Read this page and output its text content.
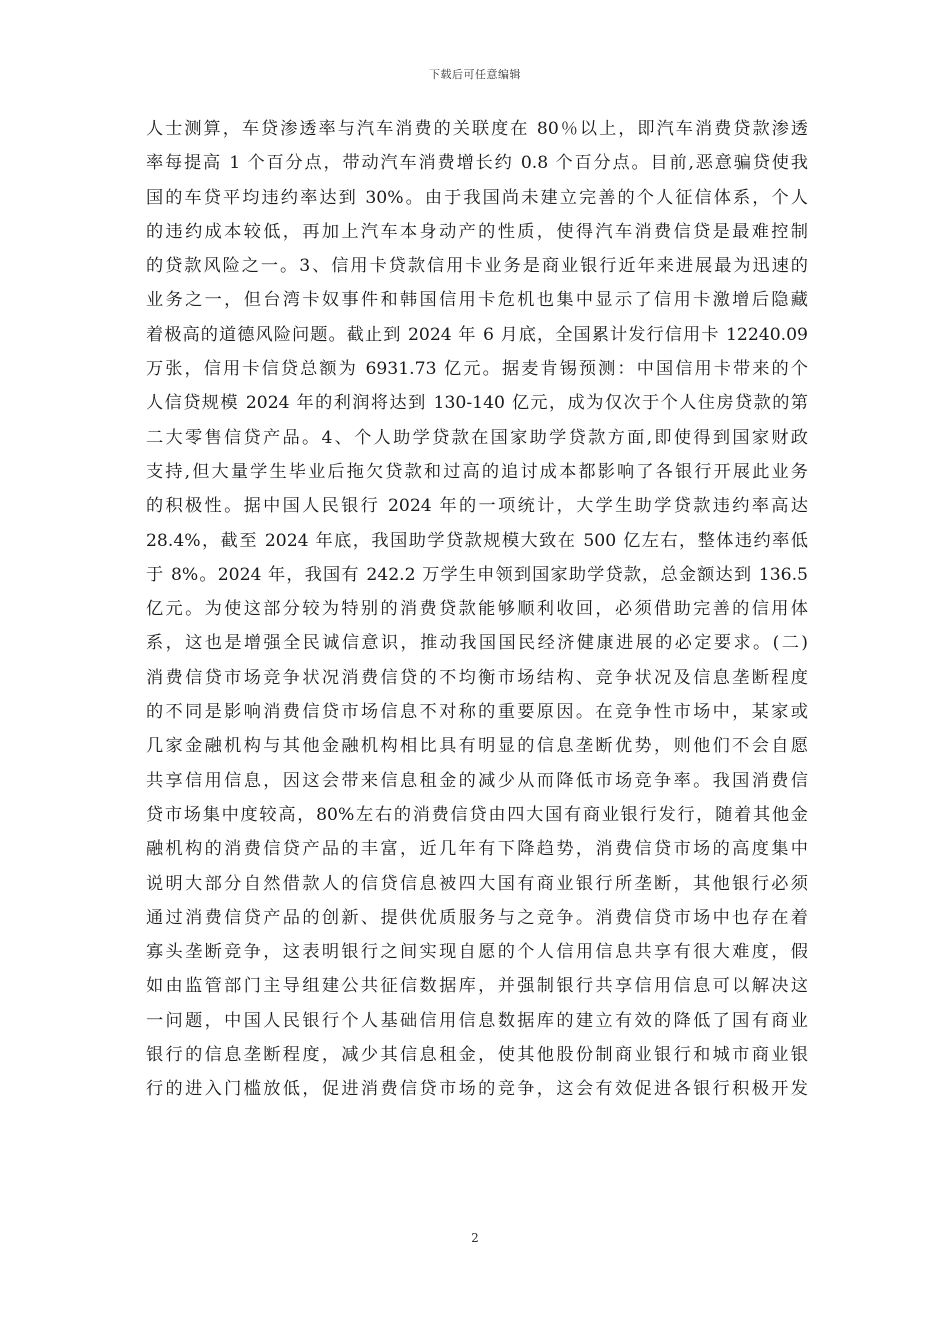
下载后可任意编辑
人士测算，车贷渗透率与汽车消费的关联度在 80％以上，即汽车消费贷款渗透
率每提高 1 个百分点，带动汽车消费增长约 0.8 个百分点。目前,恶意骗贷使我
国的车贷平均违约率达到 30%。由于我国尚未建立完善的个人征信体系，个人
的违约成本较低，再加上汽车本身动产的性质，使得汽车消费信贷是最难控制
的贷款风险之一。3、信用卡贷款信用卡业务是商业银行近年来进展最为迅速的
业务之一，但台湾卡奴事件和韩国信用卡危机也集中显示了信用卡激增后隐藏
着极高的道德风险问题。截止到 2024 年 6 月底，全国累计发行信用卡 12240.09
万张，信用卡信贷总额为 6931.73 亿元。据麦肯锡预测：中国信用卡带来的个
人信贷规模 2024 年的利润将达到 130-140 亿元，成为仅次于个人住房贷款的第
二大零售信贷产品。4、个人助学贷款在国家助学贷款方面,即使得到国家财政
支持,但大量学生毕业后拖欠贷款和过高的追讨成本都影响了各银行开展此业务
的积极性。据中国人民银行 2024 年的一项统计，大学生助学贷款违约率高达
28.4%，截至 2024 年底，我国助学贷款规模大致在 500 亿左右，整体违约率低
于 8%。2024 年，我国有 242.2 万学生申领到国家助学贷款，总金额达到 136.5
亿元。为使这部分较为特别的消费贷款能够顺利收回，必须借助完善的信用体
系，这也是增强全民诚信意识，推动我国国民经济健康进展的必定要求。(二)
消费信贷市场竞争状况消费信贷的不均衡市场结构、竞争状况及信息垄断程度
的不同是影响消费信贷市场信息不对称的重要原因。在竞争性市场中，某家或
几家金融机构与其他金融机构相比具有明显的信息垄断优势，则他们不会自愿
共享信用信息，因这会带来信息租金的减少从而降低市场竞争率。我国消费信
贷市场集中度较高，80%左右的消费信贷由四大国有商业银行发行，随着其他金
融机构的消费信贷产品的丰富，近几年有下降趋势，消费信贷市场的高度集中
说明大部分自然借款人的信贷信息被四大国有商业银行所垄断，其他银行必须
通过消费信贷产品的创新、提供优质服务与之竞争。消费信贷市场中也存在着
寡头垄断竞争，这表明银行之间实现自愿的个人信用信息共享有很大难度，假
如由监管部门主导组建公共征信数据库，并强制银行共享信用信息可以解决这
一问题，中国人民银行个人基础信用信息数据库的建立有效的降低了国有商业
银行的信息垄断程度，减少其信息租金，使其他股份制商业银行和城市商业银
行的进入门槛放低，促进消费信贷市场的竞争，这会有效促进各银行积极开发
2
